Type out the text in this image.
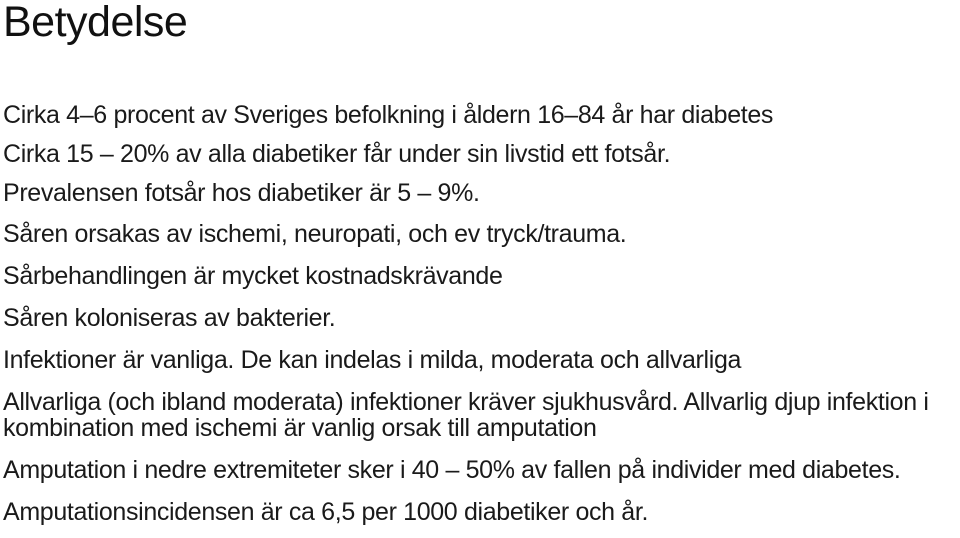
Betydelse
Cirka 4–6 procent av Sveriges befolkning i åldern 16–84 år har diabetes
Cirka 15 – 20% av alla diabetiker får under sin livstid ett fotsår.
Prevalensen fotsår hos diabetiker är 5 – 9%.
Såren orsakas av ischemi, neuropati, och ev tryck/trauma.
Sårbehandlingen är mycket kostnadskrävande
Såren koloniseras av bakterier.
Infektioner är vanliga. De kan indelas i milda, moderata och allvarliga
Allvarliga (och ibland moderata) infektioner kräver sjukhusvård. Allvarlig djup infektion i kombination med ischemi är vanlig orsak till amputation
Amputation i nedre extremiteter sker i 40 – 50% av fallen på individer med diabetes.
Amputationsincidensen är ca 6,5 per 1000 diabetiker och år.
